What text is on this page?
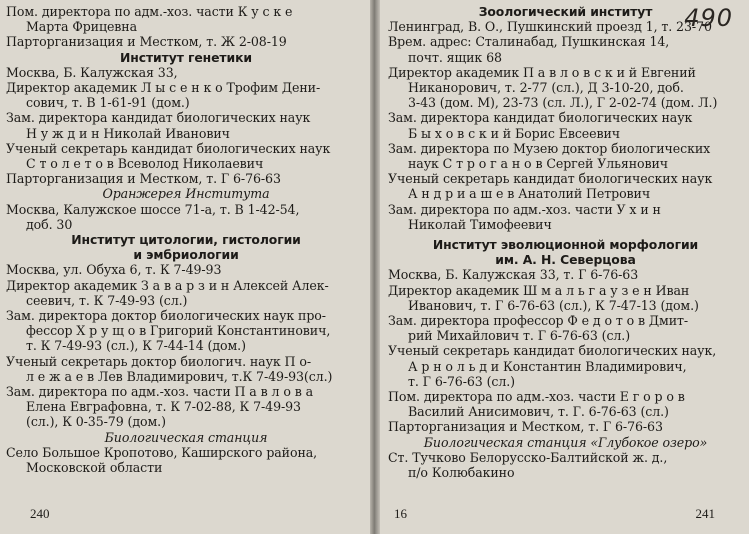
Пом. директора по адм.-хоз. части К у с к е
Марта Фрицевна
Парторганизация и Местком, т. Ж 2-08-19
Институт генетики
Москва, Б. Калужская 33,
Директор академик Л ы с е н к о Трофим Дени-
сович, т. В 1-61-91 (дом.)
Зам. директора кандидат биологических наук
Н у ж д и н Николай Иванович
Ученый секретарь кандидат биологических наук
С т о л е т о в Всеволод Николаевич
Парторганизация и Местком, т. Г 6-76-63
Оранжерея Института
Москва, Калужское шоссе 71-а, т. В 1-42-54,
доб. 30
Институт цитологии, гистологии
и эмбриологии
Москва, ул. Обуха 6, т. К 7-49-93
Директор академик З а в а р з и н Алексей Алек-
сеевич, т. К 7-49-93 (сл.)
Зам. директора доктор биологических наук про-
фессор Х р у щ о в Григорий Константинович,
т. К 7-49-93 (сл.), К 7-44-14 (дом.)
Ученый секретарь доктор биологич. наук П о-
л е ж а е в Лев Владимирович, т.К 7-49-93(сл.)
Зам. директора по адм.-хоз. части П а в л о в а
Елена Евграфовна, т. К 7-02-88, К 7-49-93
(сл.), К 0-35-79 (дом.)
Биологическая станция
Село Большое Кропотово, Каширского района,
Московской области
240
Зоологический институт
Ленинград, В. О., Пушкинский проезд 1, т. 23-70
Врем. адрес: Сталинабад, Пушкинская 14,
почт. ящик 68
Директор академик П а в л о в с к и й Евгений
Никанорович, т. 2-77 (сл.), Д 3-10-20, доб.
3-43 (дом. М), 23-73 (сл. Л.), Г 2-02-74 (дом. Л.)
Зам. директора кандидат биологических наук
Б ы х о в с к и й Борис Евсеевич
Зам. директора по Музею доктор биологических
наук С т р о г а н о в Сергей Ульянович
Ученый секретарь кандидат биологических наук
А н д р и а ш е в Анатолий Петрович
Зам. директора по адм.-хоз. части У х и н
Николай Тимофеевич
Институт эволюционной морфологии
им. А. Н. Северцова
Москва, Б. Калужская 33, т. Г 6-76-63
Директор академик Ш м а л ь г а у з е н Иван
Иванович, т. Г 6-76-63 (сл.), К 7-47-13 (дом.)
Зам. директора профессор Ф е д о т о в Дмит-
рий Михайлович т. Г 6-76-63 (сл.)
Ученый секретарь кандидат биологических наук,
А р н о л ь д и Константин Владимирович,
т. Г 6-76-63 (сл.)
Пом. директора по адм.-хоз. части Е г о р о в
Василий Анисимович, т. Г. 6-76-63 (сл.)
Парторганизация и Местком, т. Г 6-76-63
Биологическая станция «Глубокое озеро»
Ст. Тучково Белорусско-Балтийской ж. д.,
п/о Колюбакино
490
16	241
